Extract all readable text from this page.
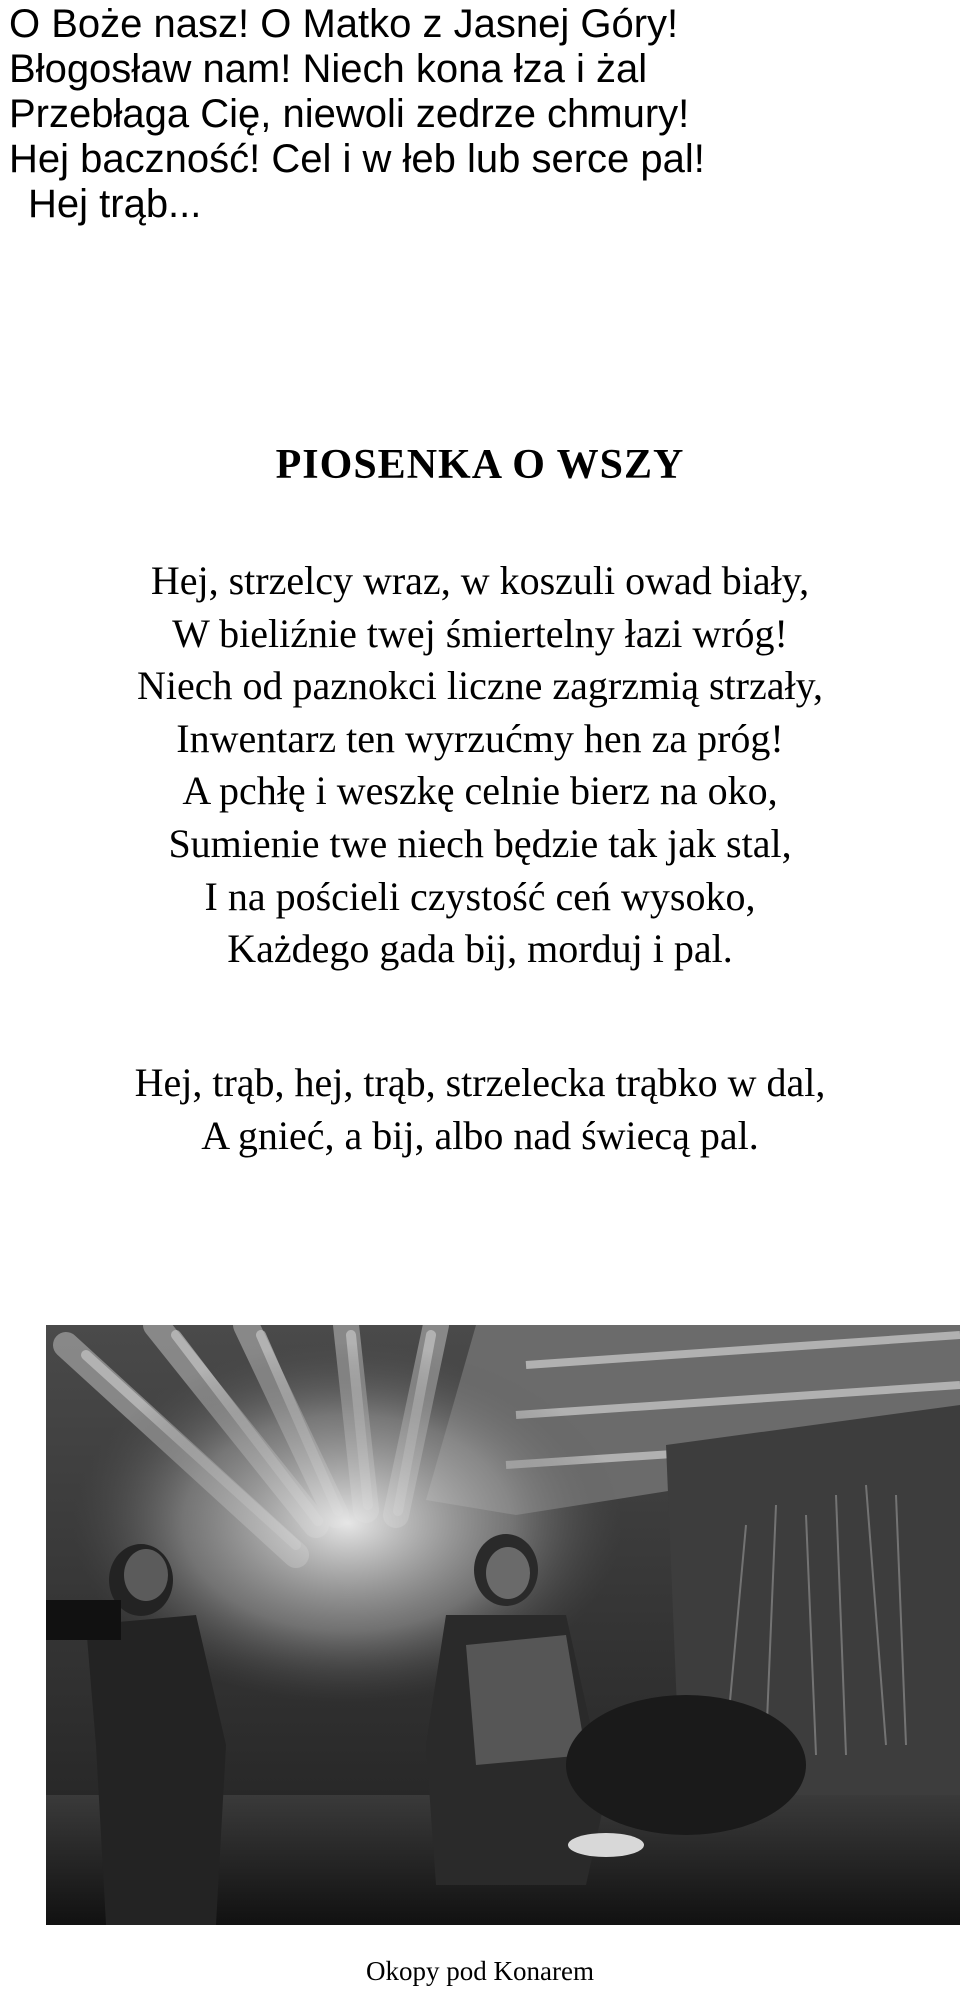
O Boże nasz! O Matko z Jasnej Góry!
Błogosław nam! Niech kona łza i żal
Przebłaga Cię, niewoli zedrze chmury!
Hej baczność! Cel i w łeb lub serce pal!
Hej trąb...
PIOSENKA O WSZY
Hej, strzelcy wraz, w koszuli owad biały,
W bieliźnie twej śmiertelny łazi wróg!
Niech od paznokci liczne zagrzmią strzały,
Inwentarz ten wyrzućmy hen za próg!
A pchłę i weszkę celnie bierz na oko,
Sumienie twe niech będzie tak jak stal,
I na pościeli czystość ceń wysoko,
Każdego gada bij, morduj i pal.
Hej, trąb, hej, trąb, strzelecka trąbko w dal,
A gnieć, a bij, albo nad świecą pal.

Okopy pod Konarem
